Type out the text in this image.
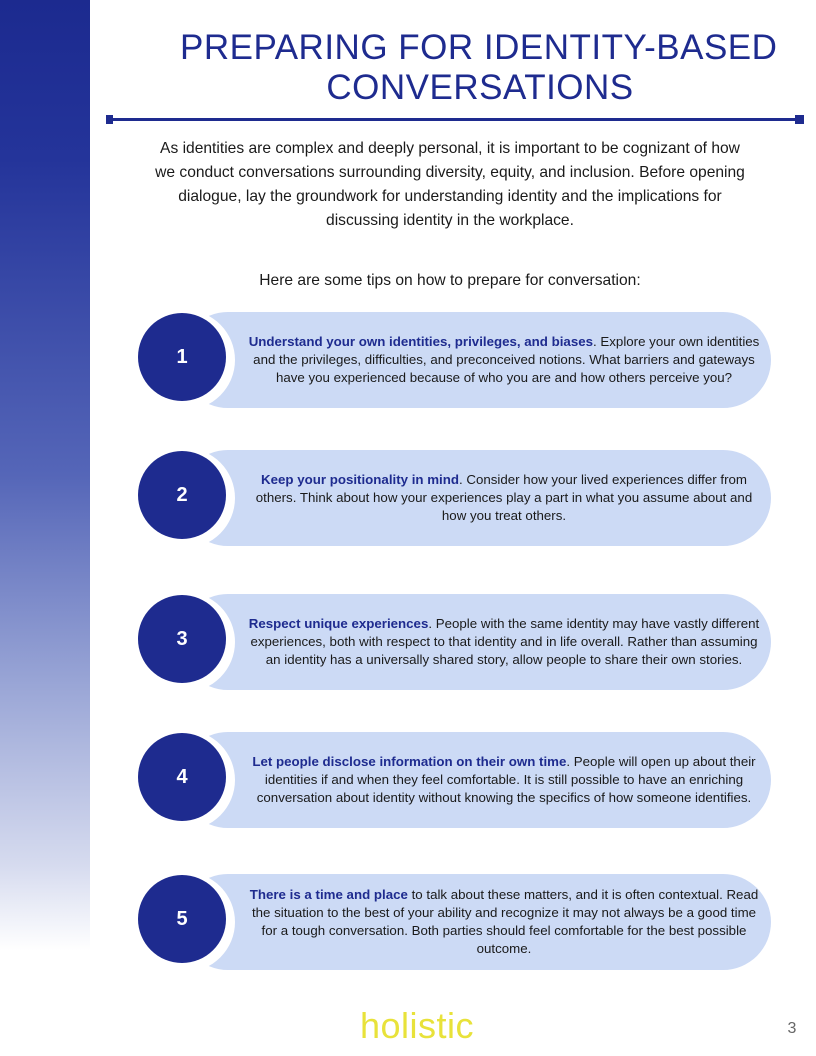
PREPARING FOR IDENTITY-BASED
CONVERSATIONS

As identities are complex and deeply personal, it is important to be cognizant of how we conduct conversations surrounding diversity, equity, and inclusion. Before opening dialogue, lay the groundwork for understanding identity and the implications for discussing identity in the workplace.

Here are some tips on how to prepare for conversation:

1

Understand your own identities, privileges, and biases. Explore your own identities and the privileges, difficulties, and preconceived notions. What barriers and gateways have you experienced because of who you are and how others perceive you?

2

Keep your positionality in mind. Consider how your lived experiences differ from others. Think about how your experiences play a part in what you assume about and how you treat others.

3

Respect unique experiences. People with the same identity may have vastly different experiences, both with respect to that identity and in life overall. Rather than assuming an identity has a universally shared story, allow people to share their own stories.

4

Let people disclose information on their own time. People will open up about their identities if and when they feel comfortable. It is still possible to have an enriching conversation about identity without knowing the specifics of how someone identifies.

5

There is a time and place to talk about these matters, and it is often contextual. Read the situation to the best of your ability and recognize it may not always be a good time for a tough conversation. Both parties should feel comfortable for the best possible outcome.

holistic	3
